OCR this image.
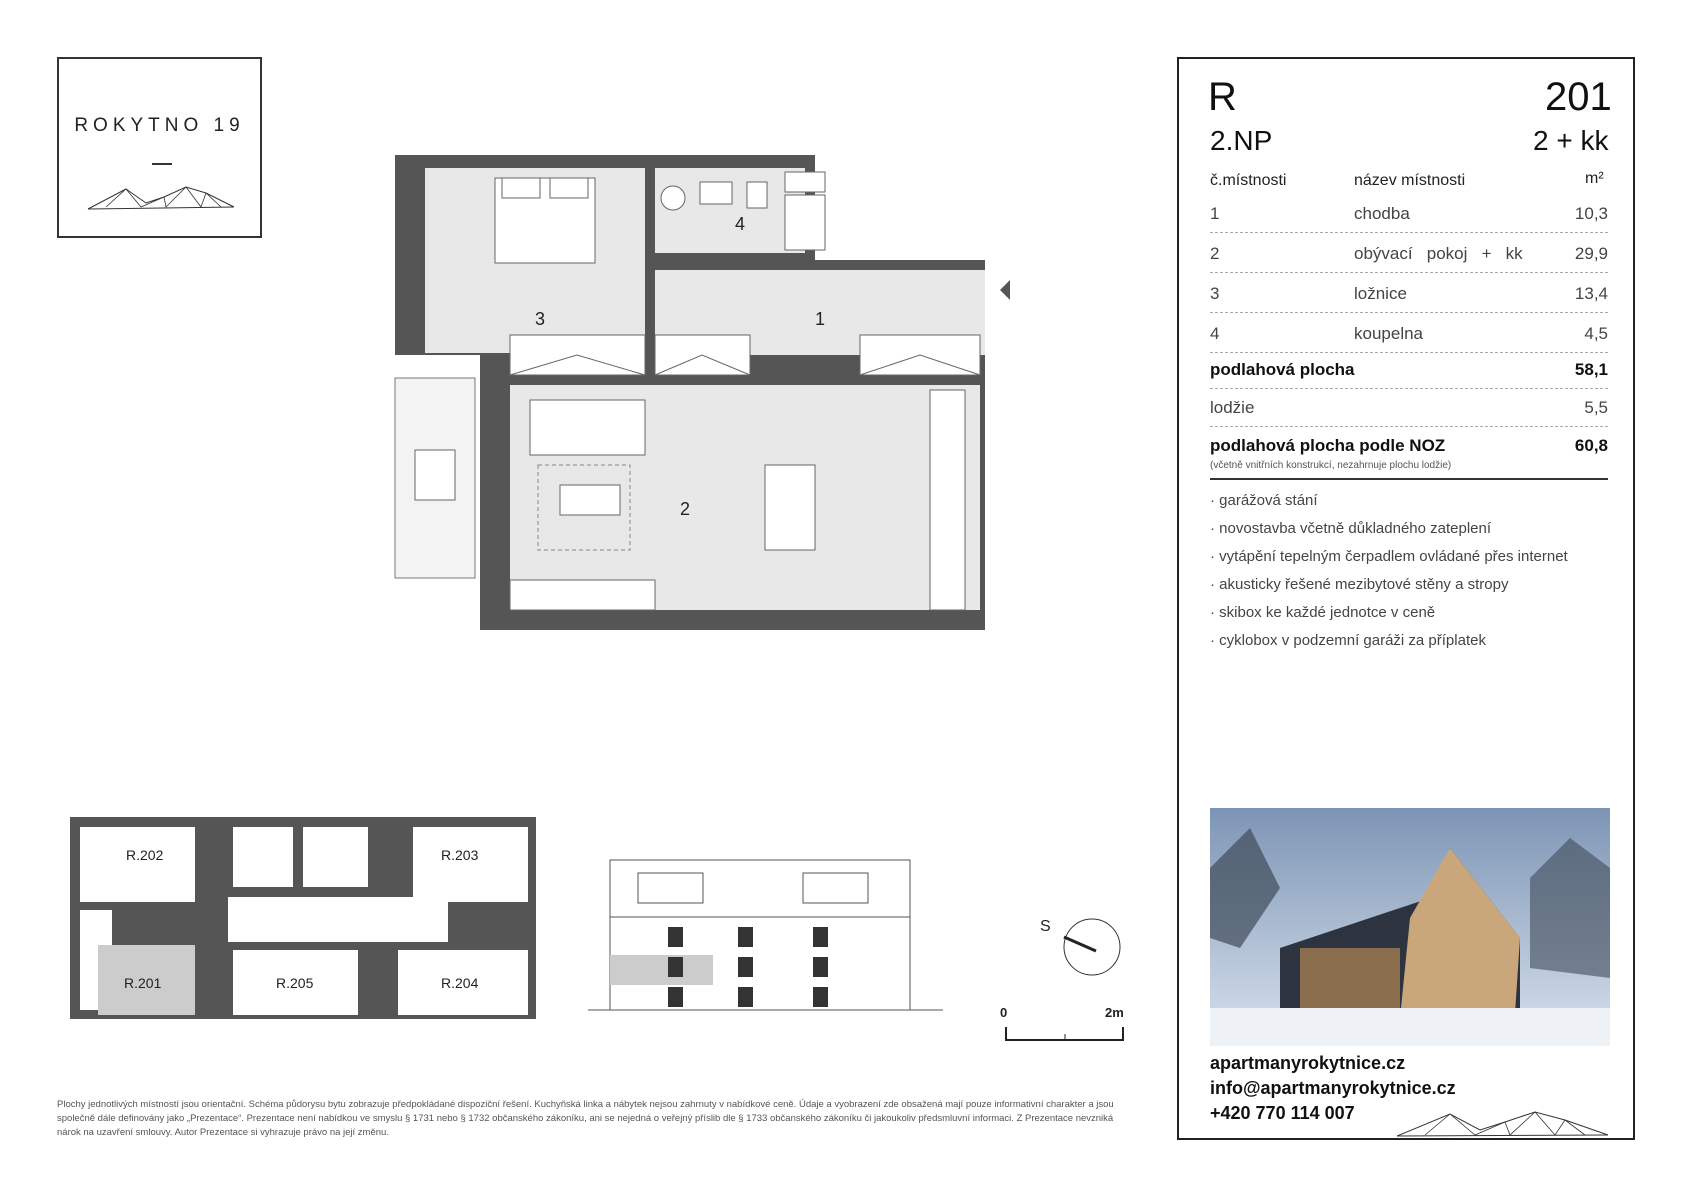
ROKYTNO 19
3	1
4
2
R.202	R.203
R.201	R.205	R.204
S
0	2m
Plochy jednotlivých místností jsou orientační. Schéma půdorysu bytu zobrazuje předpokládané dispoziční řešení. Kuchyňská linka a nábytek nejsou zahrnuty v nabídkové ceně. Údaje a vyobrazení zde obsažená mají pouze informativní charakter a jsou společně dále definovány jako „Prezentace“. Prezentace není nabídkou ve smyslu § 1731 nebo § 1732 občanského zákoníku, ani se nejedná o veřejný příslib dle § 1733 občanského zákoníku či jakoukoliv předsmluvní informaci. Z Prezentace nevzniká nárok na uzavření smlouvy. Autor Prezentace si vyhrazuje právo na její změnu.
R	201
2.NP	2 + kk
č.místnosti	název místnosti	m²
1	chodba	10,3
2	obývací   pokoj   +   kk	29,9
3	ložnice	13,4
4	koupelna	4,5
podlahová plocha	58,1
lodžie	5,5
podlahová plocha podle NOZ	60,8
(včetně vnitřních konstrukcí, nezahrnuje plochu lodžie)
· garážová stání
· novostavba včetně důkladného zateplení
· vytápění tepelným čerpadlem ovládané přes internet
· akusticky řešené mezibytové stěny a stropy
· skibox ke každé jednotce v ceně
· cyklobox v podzemní garáži za příplatek
apartmanyrokytnice.cz
info@apartmanyrokytnice.cz
+420 770 114 007
